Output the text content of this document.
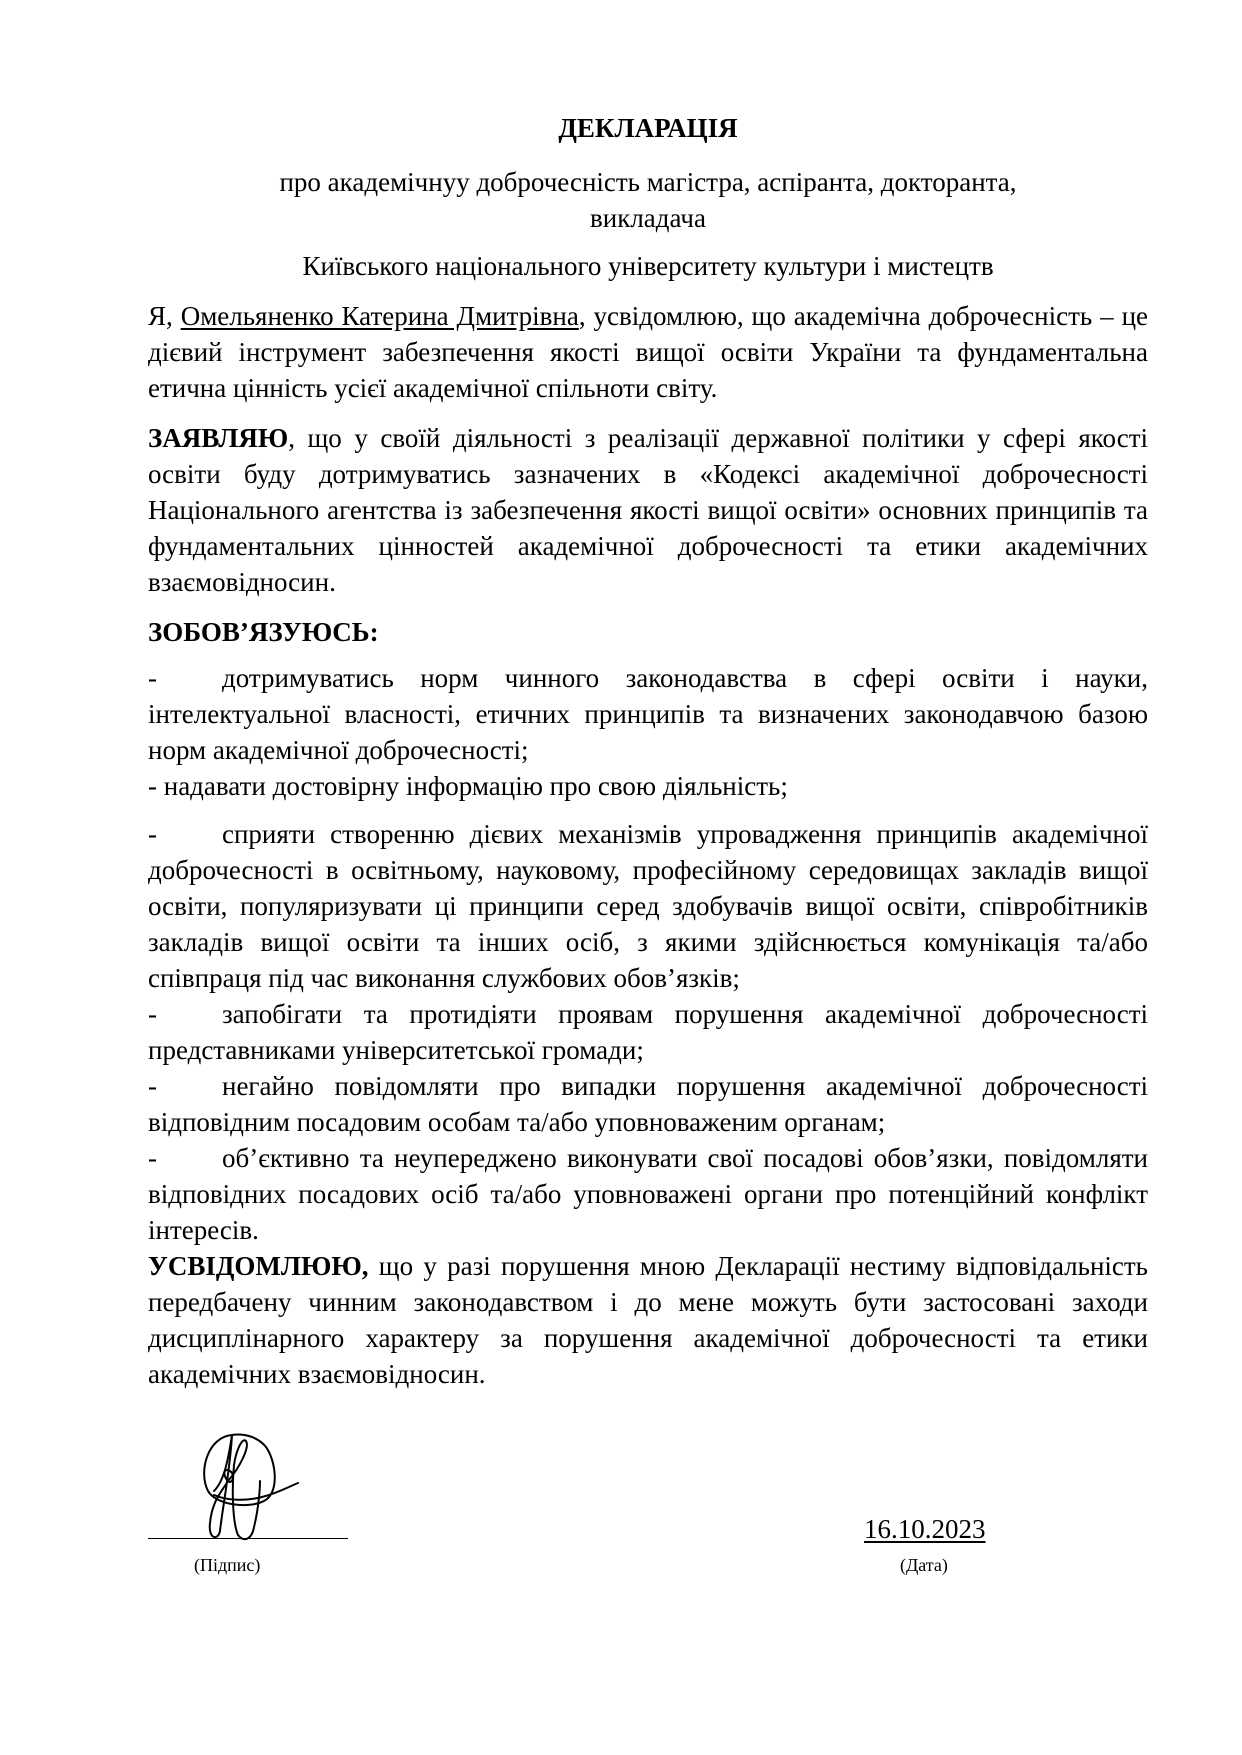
ДЕКЛАРАЦІЯ
про академічнуу доброчесність магістра, аспіранта, докторанта,
викладача
Київського національного університету культури і мистецтв

Я, Омельяненко Катерина Дмитрівна, усвідомлюю, що академічна доброчесність – це дієвий інструмент забезпечення якості вищої освіти України та фундаментальна етична цінність усієї академічної спільноти світу.

ЗАЯВЛЯЮ, що у своїй діяльності з реалізації державної політики у сфері якості освіти буду дотримуватись зазначених в «Кодексі академічної доброчесності Національного агентства із забезпечення якості вищої освіти» основних принципів та фундаментальних цінностей академічної доброчесності та етики академічних взаємовідносин.

ЗОБОВ’ЯЗУЮСЬ:

- дотримуватись норм чинного законодавства в сфері освіти і науки, інтелектуальної власності, етичних принципів та визначених законодавчою базою норм академічної доброчесності;

- надавати достовірну інформацію про свою діяльність;

- сприяти створенню дієвих механізмів упровадження принципів академічної доброчесності в освітньому, науковому, професійному середовищах закладів вищої освіти, популяризувати ці принципи серед здобувачів вищої освіти, співробітників закладів вищої освіти та інших осіб, з якими здійснюється комунікація та/або співпраця під час виконання службових обов’язків;

- запобігати та протидіяти проявам порушення академічної доброчесності представниками університетської громади;

- негайно повідомляти про випадки порушення академічної доброчесності відповідним посадовим особам та/або уповноваженим органам;

- об’єктивно та неупереджено виконувати свої посадові обов’язки, повідомляти відповідних посадових осіб та/або уповноважені органи про потенційний конфлікт інтересів.

УСВІДОМЛЮЮ, що у разі порушення мною Декларації нестиму відповідальність передбачену чинним законодавством і до мене можуть бути застосовані заходи дисциплінарного характеру за порушення академічної доброчесності та етики академічних взаємовідносин.

(Підпис)
16.10.2023
(Дата)
